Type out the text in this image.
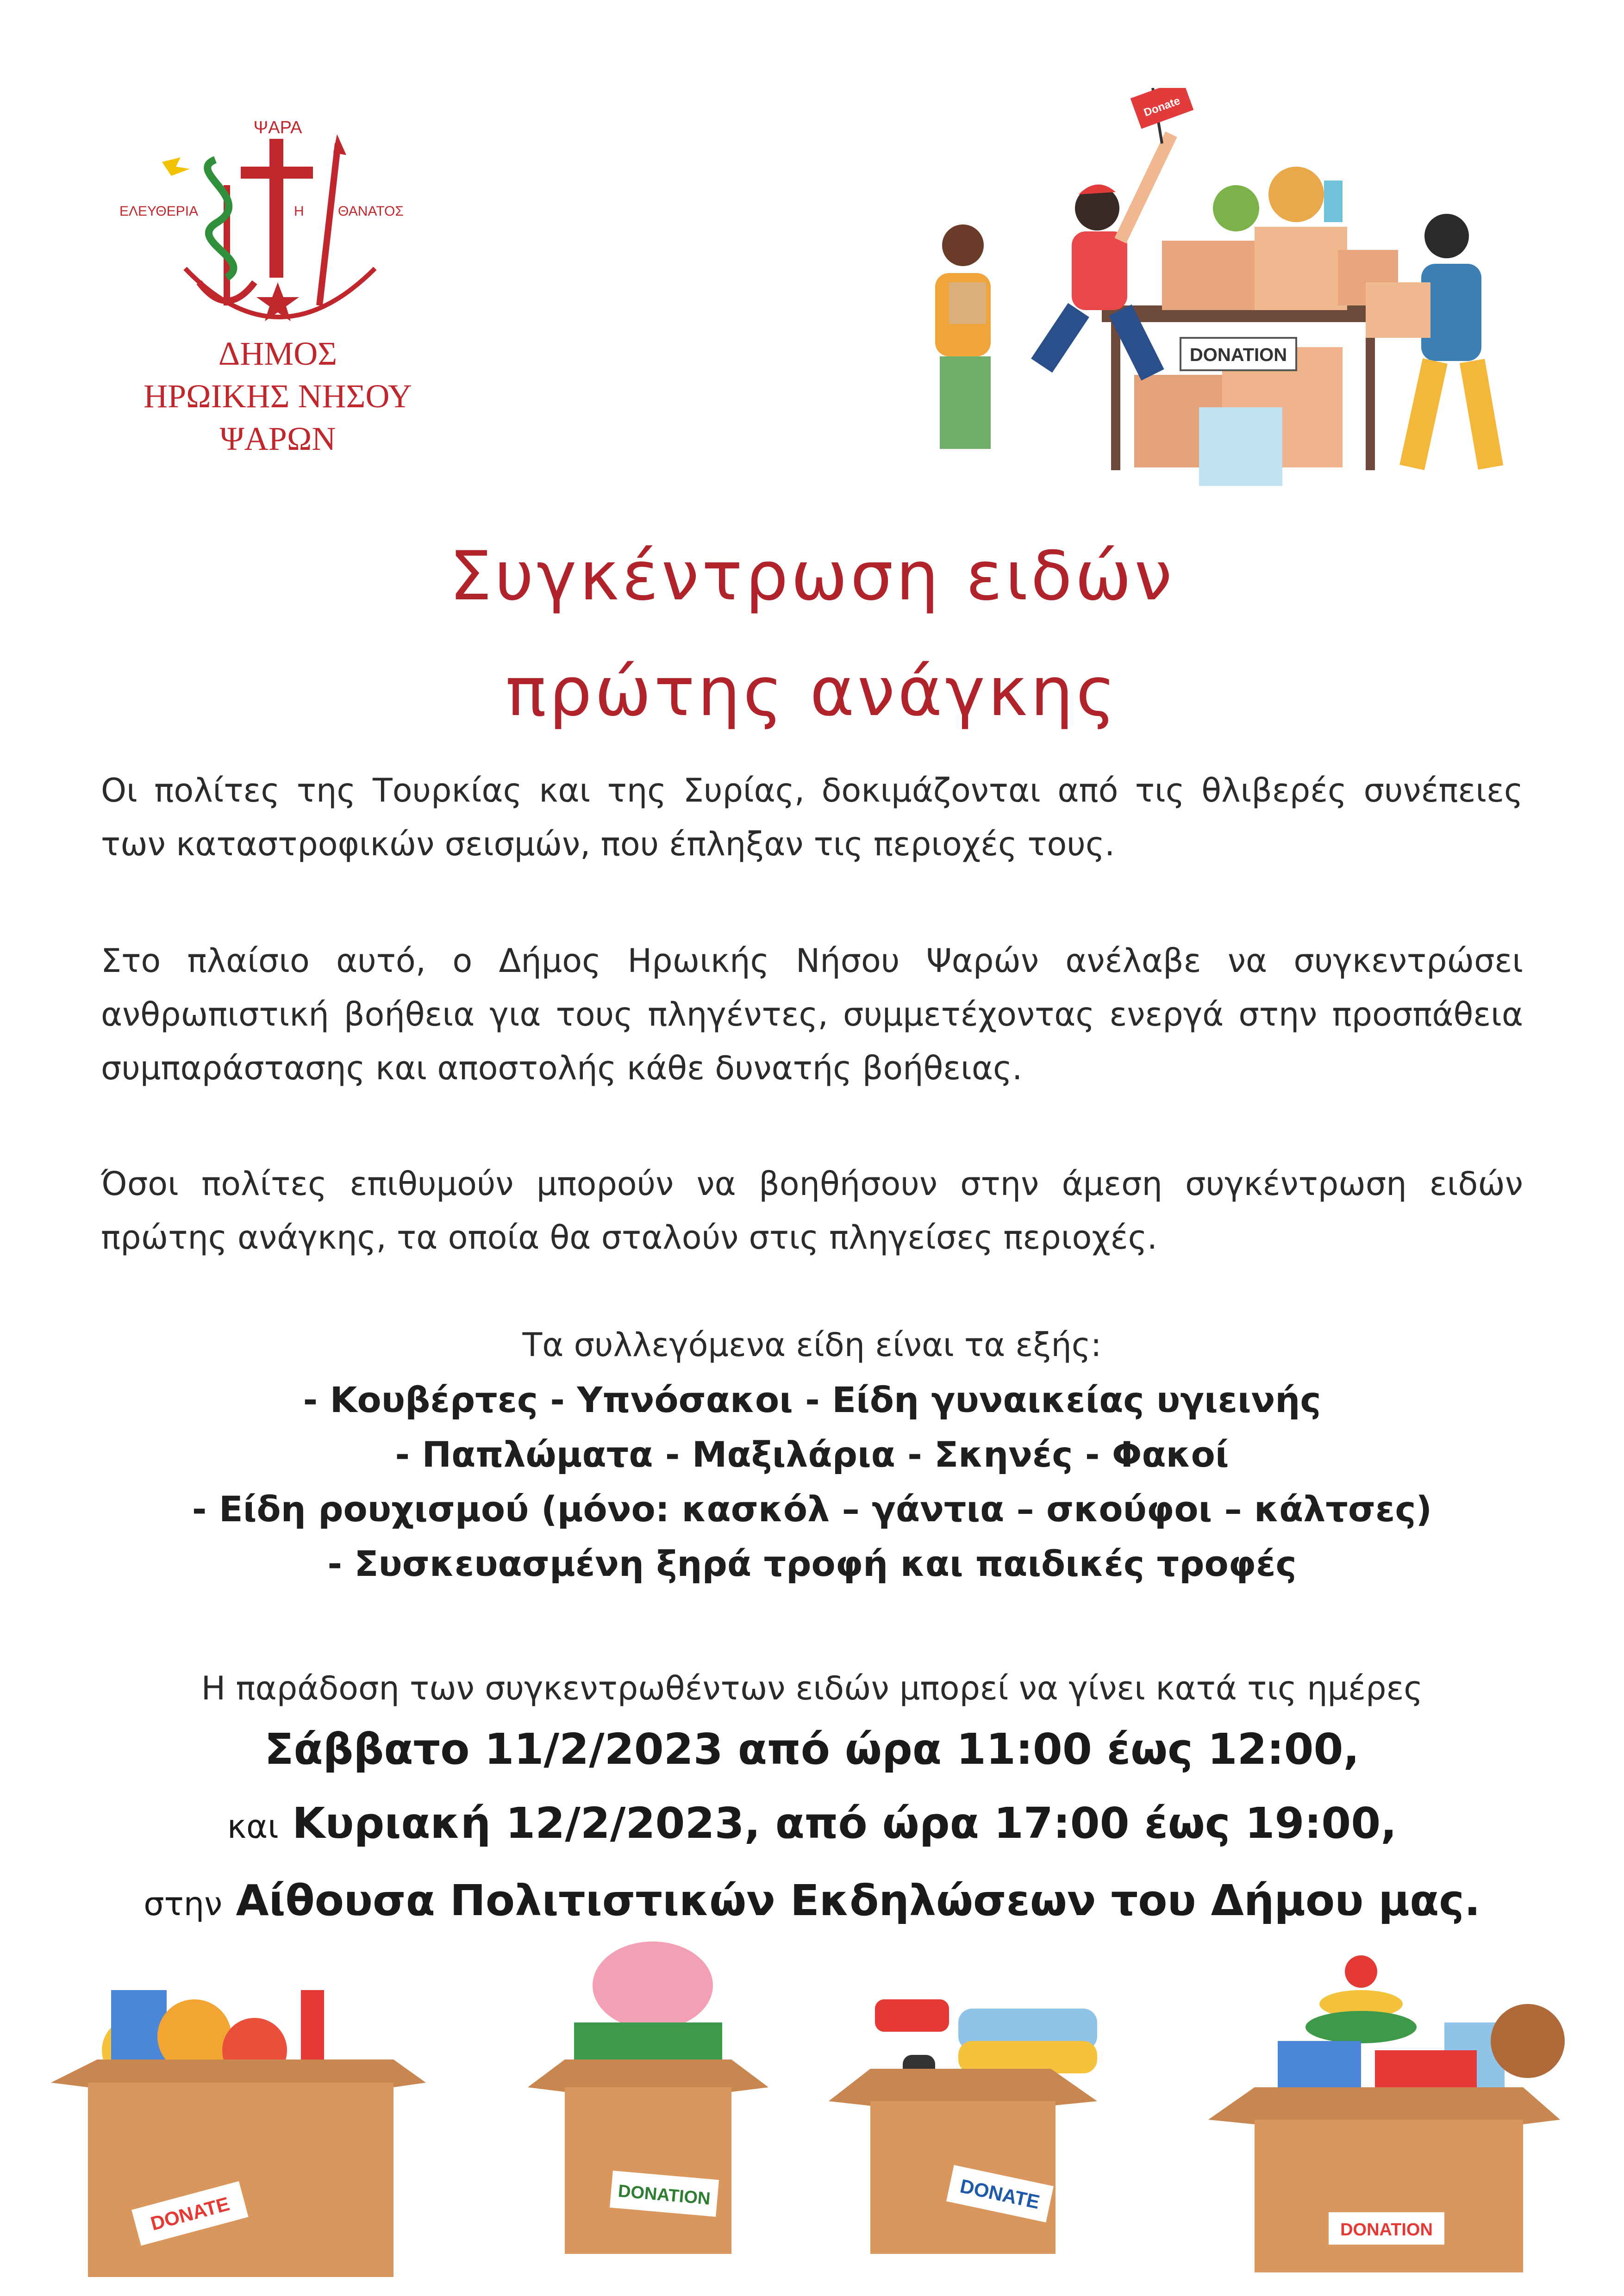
ΨΑΡΑ
ΕΛΕΥΘΕΡΙΑ	Η ΘΑΝΑΤΟΣ
ΔΗΜΟΣ
ΗΡΩΙΚΗΣ ΝΗΣΟΥ
ΨΑΡΩΝ
DONATION
Donate
Συγκέντρωση ειδών
πρώτης ανάγκης
Οι πολίτες της Τουρκίας και της Συρίας, δοκιμάζονται από τις θλιβερές συνέπειες των καταστροφικών σεισμών, που έπληξαν τις περιοχές τους.
Στο πλαίσιο αυτό, ο Δήμος Ηρωικής Νήσου Ψαρών ανέλαβε να συγκεντρώσει ανθρωπιστική βοήθεια για τους πληγέντες, συμμετέχοντας ενεργά στην προσπάθεια συμπαράστασης και αποστολής κάθε δυνατής βοήθειας.
Όσοι πολίτες επιθυμούν μπορούν να βοηθήσουν στην άμεση συγκέντρωση ειδών πρώτης ανάγκης, τα οποία θα σταλούν στις πληγείσες περιοχές.
Τα συλλεγόμενα είδη είναι τα εξής:
- Κουβέρτες - Υπνόσακοι - Είδη γυναικείας υγιεινής
- Παπλώματα - Μαξιλάρια - Σκηνές - Φακοί
- Είδη ρουχισμού (μόνο: κασκόλ – γάντια – σκούφοι – κάλτσες)
- Συσκευασμένη ξηρά τροφή και παιδικές τροφές
Η παράδοση των συγκεντρωθέντων ειδών μπορεί να γίνει κατά τις ημέρες
Σάββατο 11/2/2023 από ώρα 11:00 έως 12:00,
και Κυριακή 12/2/2023, από ώρα 17:00 έως 19:00,
στην Αίθουσα Πολιτιστικών Εκδηλώσεων του Δήμου μας.
DONATE	DONATION	DONATE
DONATION
